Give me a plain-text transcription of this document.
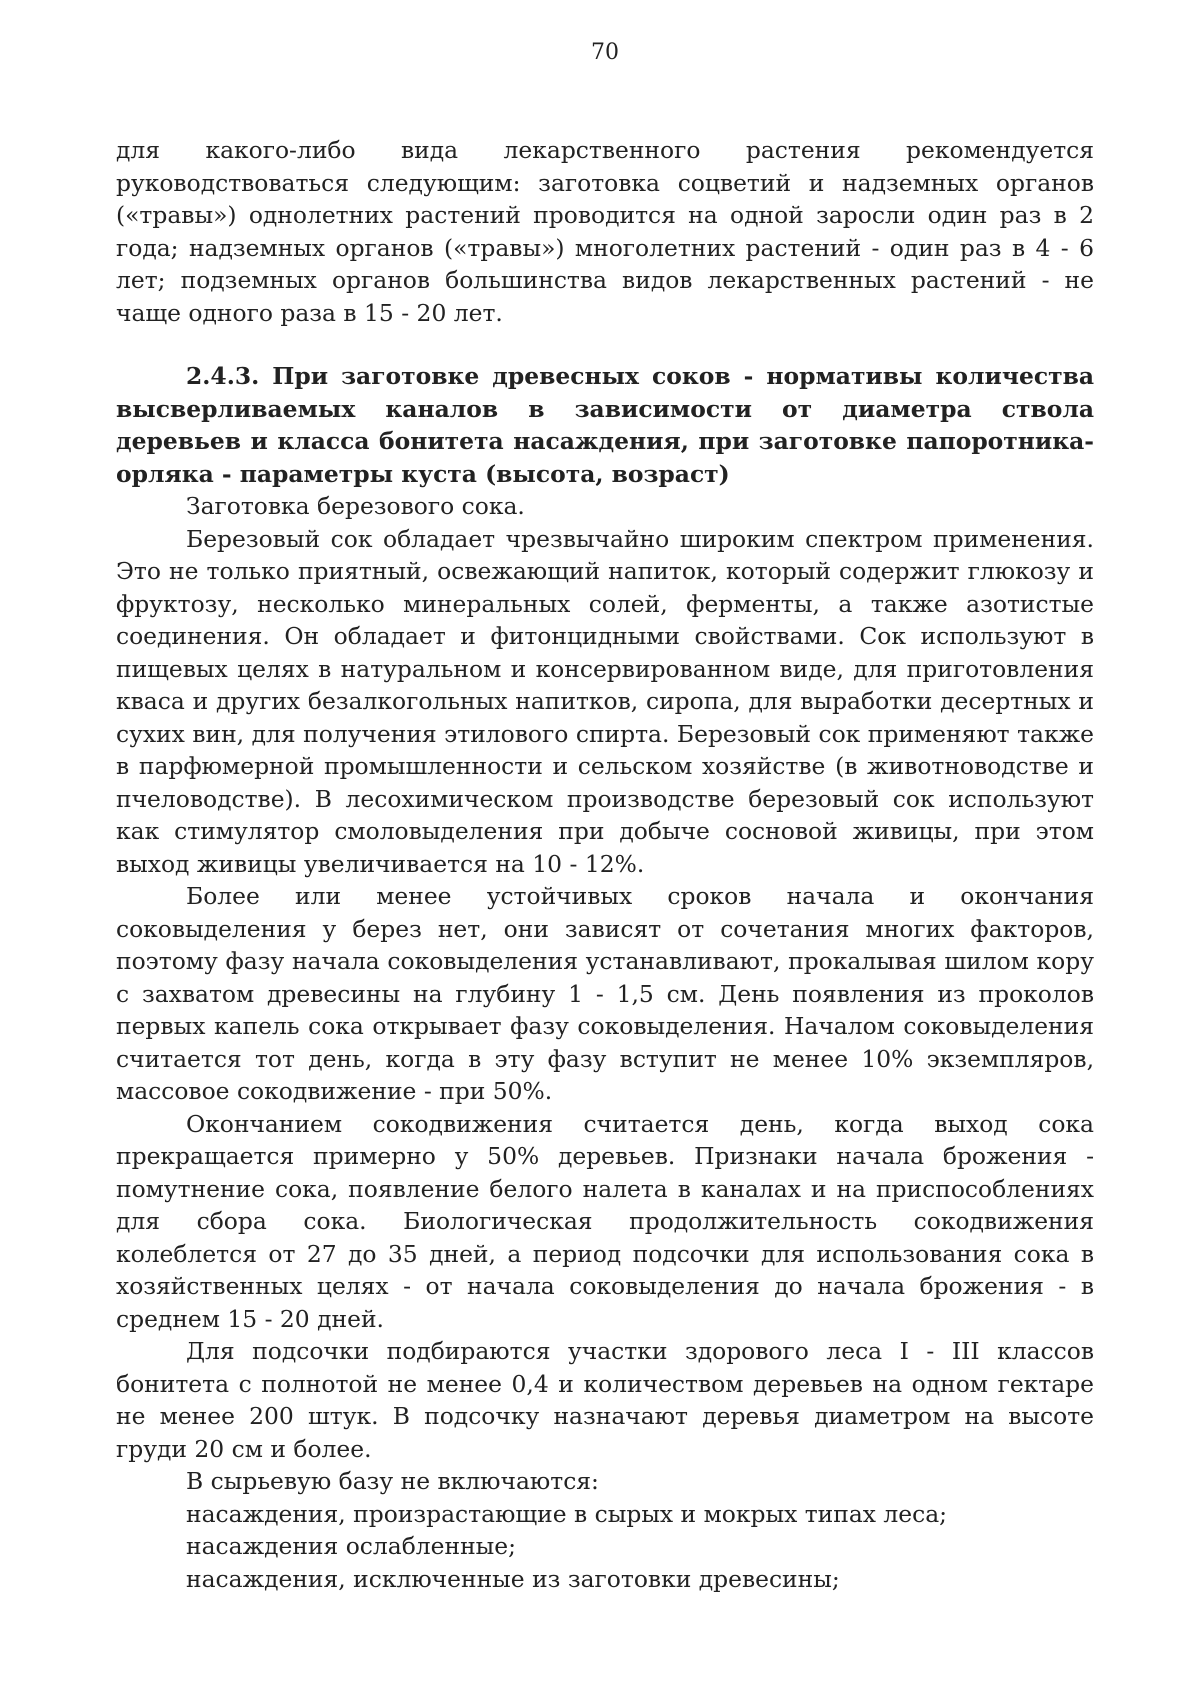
70

для какого-либо вида лекарственного растения рекомендуется руководствоваться следующим: заготовка соцветий и надземных органов («травы») однолетних растений проводится на одной заросли один раз в 2 года; надземных органов («травы») многолетних растений - один раз в 4 - 6 лет; подземных органов большинства видов лекарственных растений - не чаще одного раза в 15 - 20 лет.

2.4.3. При заготовке древесных соков - нормативы количества высверливаемых каналов в зависимости от диаметра ствола деревьев и класса бонитета насаждения, при заготовке папоротника-орляка - параметры куста (высота, возраст)

Заготовка березового сока.

Березовый сок обладает чрезвычайно широким спектром применения. Это не только приятный, освежающий напиток, который содержит глюкозу и фруктозу, несколько минеральных солей, ферменты, а также азотистые соединения. Он обладает и фитонцидными свойствами. Сок используют в пищевых целях в натуральном и консервированном виде, для приготовления кваса и других безалкогольных напитков, сиропа, для выработки десертных и сухих вин, для получения этилового спирта. Березовый сок применяют также в парфюмерной промышленности и сельском хозяйстве (в животноводстве и пчеловодстве). В лесохимическом производстве березовый сок используют как стимулятор смоловыделения при добыче сосновой живицы, при этом выход живицы увеличивается на 10 - 12%.

Более или менее устойчивых сроков начала и окончания соковыделения у берез нет, они зависят от сочетания многих факторов, поэтому фазу начала соковыделения устанавливают, прокалывая шилом кору с захватом древесины на глубину 1 - 1,5 см. День появления из проколов первых капель сока открывает фазу соковыделения. Началом соковыделения считается тот день, когда в эту фазу вступит не менее 10% экземпляров, массовое сокодвижение - при 50%.

Окончанием сокодвижения считается день, когда выход сока прекращается примерно у 50% деревьев. Признаки начала брожения - помутнение сока, появление белого налета в каналах и на приспособлениях для сбора сока. Биологическая продолжительность сокодвижения колеблется от 27 до 35 дней, а период подсочки для использования сока в хозяйственных целях - от начала соковыделения до начала брожения - в среднем 15 - 20 дней.

Для подсочки подбираются участки здорового леса I - III классов бонитета с полнотой не менее 0,4 и количеством деревьев на одном гектаре не менее 200 штук. В подсочку назначают деревья диаметром на высоте груди 20 см и более.

В сырьевую базу не включаются:

насаждения, произрастающие в сырых и мокрых типах леса;

насаждения ослабленные;

насаждения, исключенные из заготовки древесины;
